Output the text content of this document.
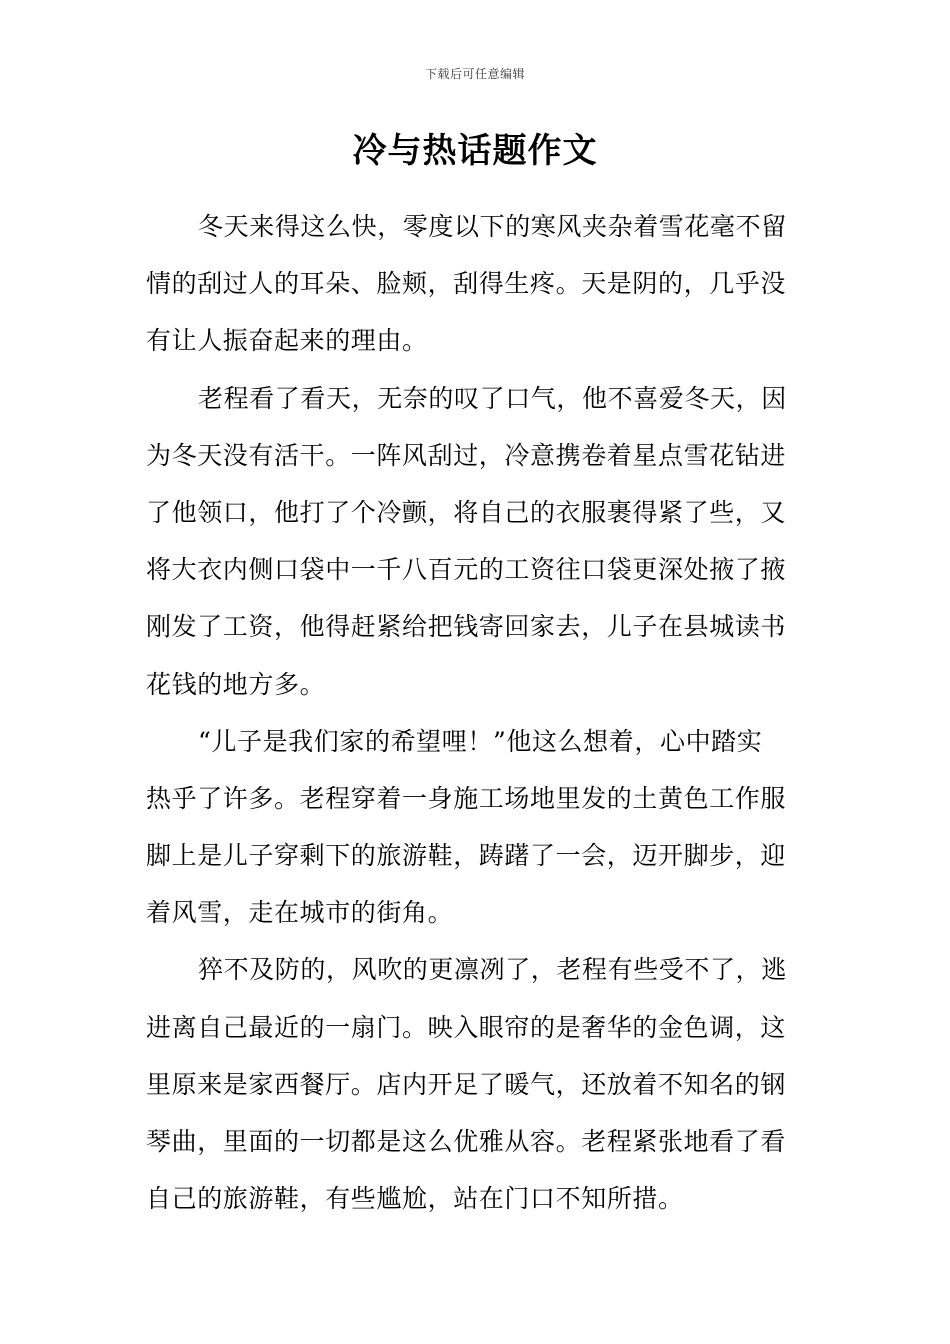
下载后可任意编辑
冷与热话题作文

冬天来得这么快，零度以下的寒风夹杂着雪花毫不留
情的刮过人的耳朵、脸颊，刮得生疼。天是阴的，几乎没
有让人振奋起来的理由。

老程看了看天，无奈的叹了口气，他不喜爱冬天，因
为冬天没有活干。一阵风刮过，冷意携卷着星点雪花钻进
了他领口，他打了个冷颤，将自己的衣服裹得紧了些，又
将大衣内侧口袋中一千八百元的工资往口袋更深处掖了掖
刚发了工资，他得赶紧给把钱寄回家去，儿子在县城读书
花钱的地方多。

“儿子是我们家的希望哩！”他这么想着，心中踏实
热乎了许多。老程穿着一身施工场地里发的土黄色工作服
脚上是儿子穿剩下的旅游鞋，踌躇了一会，迈开脚步，迎
着风雪，走在城市的街角。

猝不及防的，风吹的更凛冽了，老程有些受不了，逃
进离自己最近的一扇门。映入眼帘的是奢华的金色调，这
里原来是家西餐厅。店内开足了暖气，还放着不知名的钢
琴曲，里面的一切都是这么优雅从容。老程紧张地看了看
自己的旅游鞋，有些尴尬，站在门口不知所措。
